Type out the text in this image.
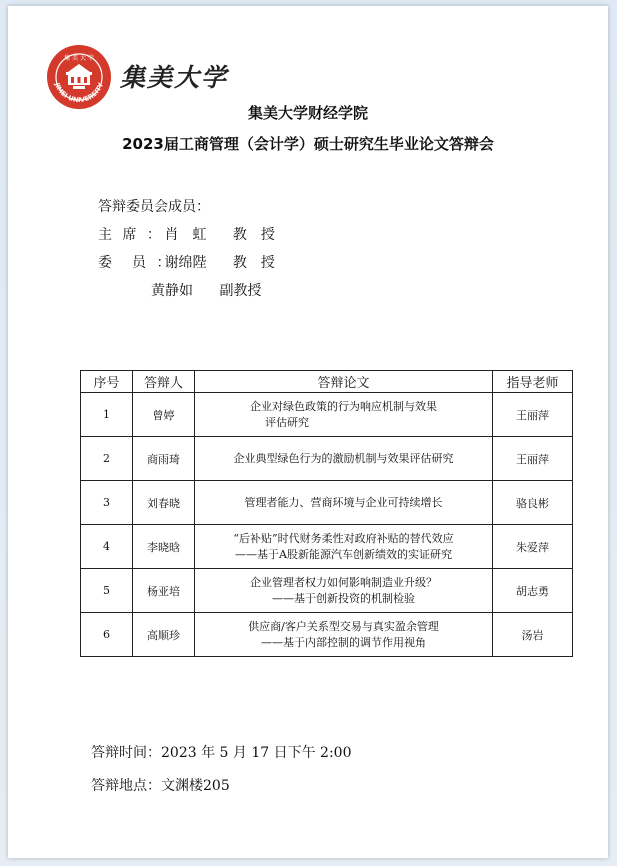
JIMEI UNIVERSITY
集 美 大 学
集美大学
集美大学财经学院
2023届工商管理（会计学）硕士研究生毕业论文答辩会
答辩委员会成员：
主 席 ： 肖　虹 教　授
委　员 ： 谢绵陛 教　授
黄静如 副教授
序号	答辩人	答辩论文	指导老师
1	曾婷	企业对绿色政策的行为响应机制与效果
评估研究	王丽萍
2	商雨琦	企业典型绿色行为的激励机制与效果评估研究	王丽萍
3	刘春晓	管理者能力、营商环境与企业可持续增长	骆良彬
4	李晓晗	“后补贴”时代财务柔性对政府补贴的替代效应
——基于A股新能源汽车创新绩效的实证研究	朱爱萍
5	杨亚培	企业管理者权力如何影响制造业升级？
——基于创新投资的机制检验	胡志勇
6	高顺珍	供应商/客户关系型交易与真实盈余管理
——基于内部控制的调节作用视角	汤岩
答辩时间：2023 年 5 月 17 日下午 2:00
答辩地点：文渊楼205
